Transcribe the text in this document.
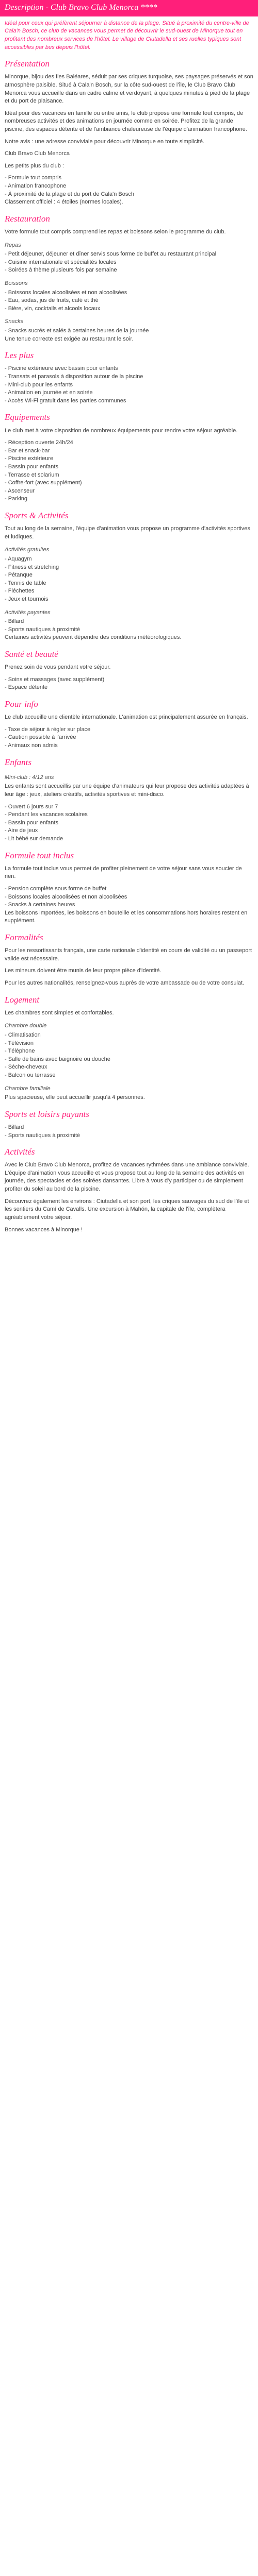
Description - Club Bravo Club Menorca ****

Idéal pour ceux qui préfèrent séjourner à distance de la plage. Situé à proximité du centre-ville de Cala'n Bosch, ce club de vacances vous permet de découvrir le sud-ouest de Minorque tout en profitant des nombreux services de l'hôtel. Le village de Ciutadella et ses ruelles typiques sont accessibles par bus depuis l'hôtel.

Présentation

Minorque, bijou des îles Baléares, séduit par ses criques turquoise, ses paysages préservés et son atmosphère paisible. Situé à Cala'n Bosch, sur la côte sud-ouest de l'île, le Club Bravo Club Menorca vous accueille dans un cadre calme et verdoyant, à quelques minutes à pied de la plage et du port de plaisance.

Idéal pour des vacances en famille ou entre amis, le club propose une formule tout compris, de nombreuses activités et des animations en journée comme en soirée. Profitez de la grande piscine, des espaces détente et de l'ambiance chaleureuse de l'équipe d'animation francophone.

Notre avis : une adresse conviviale pour découvrir Minorque en toute simplicité.

Club Bravo Club Menorca

Les petits plus du club :

- Formule tout compris

- Animation francophone

- À proximité de la plage et du port de Cala'n Bosch

Classement officiel : 4 étoiles (normes locales).

Restauration

Votre formule tout compris comprend les repas et boissons selon le programme du club.

Repas

- Petit déjeuner, déjeuner et dîner servis sous forme de buffet au restaurant principal

- Cuisine internationale et spécialités locales

- Soirées à thème plusieurs fois par semaine

Boissons

- Boissons locales alcoolisées et non alcoolisées

- Eau, sodas, jus de fruits, café et thé

- Bière, vin, cocktails et alcools locaux

Snacks

- Snacks sucrés et salés à certaines heures de la journée

Une tenue correcte est exigée au restaurant le soir.

Les plus

- Piscine extérieure avec bassin pour enfants

- Transats et parasols à disposition autour de la piscine

- Mini-club pour les enfants

- Animation en journée et en soirée

- Accès Wi-Fi gratuit dans les parties communes

Equipements

Le club met à votre disposition de nombreux équipements pour rendre votre séjour agréable.

- Réception ouverte 24h/24

- Bar et snack-bar

- Piscine extérieure

- Bassin pour enfants

- Terrasse et solarium

- Coffre-fort (avec supplément)

- Ascenseur

- Parking

Sports & Activités

Tout au long de la semaine, l'équipe d'animation vous propose un programme d'activités sportives et ludiques.

Activités gratuites

- Aquagym

- Fitness et stretching

- Pétanque

- Tennis de table

- Fléchettes

- Jeux et tournois

Activités payantes

- Billard

- Sports nautiques à proximité

Certaines activités peuvent dépendre des conditions météorologiques.

Santé et beauté

Prenez soin de vous pendant votre séjour.

- Soins et massages (avec supplément)

- Espace détente

Pour info

Le club accueille une clientèle internationale. L'animation est principalement assurée en français.

- Taxe de séjour à régler sur place

- Caution possible à l'arrivée

- Animaux non admis

Enfants

Mini-club : 4/12 ans

Les enfants sont accueillis par une équipe d'animateurs qui leur propose des activités adaptées à leur âge : jeux, ateliers créatifs, activités sportives et mini-disco.

- Ouvert 6 jours sur 7

- Pendant les vacances scolaires

- Bassin pour enfants

- Aire de jeux

- Lit bébé sur demande

Formule tout inclus

La formule tout inclus vous permet de profiter pleinement de votre séjour sans vous soucier de rien.

- Pension complète sous forme de buffet

- Boissons locales alcoolisées et non alcoolisées

- Snacks à certaines heures

Les boissons importées, les boissons en bouteille et les consommations hors horaires restent en supplément.

Formalités

Pour les ressortissants français, une carte nationale d'identité en cours de validité ou un passeport valide est nécessaire.

Les mineurs doivent être munis de leur propre pièce d'identité.

Pour les autres nationalités, renseignez-vous auprès de votre ambassade ou de votre consulat.

Logement

Les chambres sont simples et confortables.

Chambre double

- Climatisation

- Télévision

- Téléphone

- Salle de bains avec baignoire ou douche

- Sèche-cheveux

- Balcon ou terrasse

Chambre familiale

Plus spacieuse, elle peut accueillir jusqu'à 4 personnes.

Sports et loisirs payants

- Billard

- Sports nautiques à proximité

Activités

Avec le Club Bravo Club Menorca, profitez de vacances rythmées dans une ambiance conviviale. L'équipe d'animation vous accueille et vous propose tout au long de la semaine des activités en journée, des spectacles et des soirées dansantes. Libre à vous d'y participer ou de simplement profiter du soleil au bord de la piscine.

Découvrez également les environs : Ciutadella et son port, les criques sauvages du sud de l'île et les sentiers du Camí de Cavalls. Une excursion à Mahón, la capitale de l'île, complètera agréablement votre séjour.

Bonnes vacances à Minorque !
